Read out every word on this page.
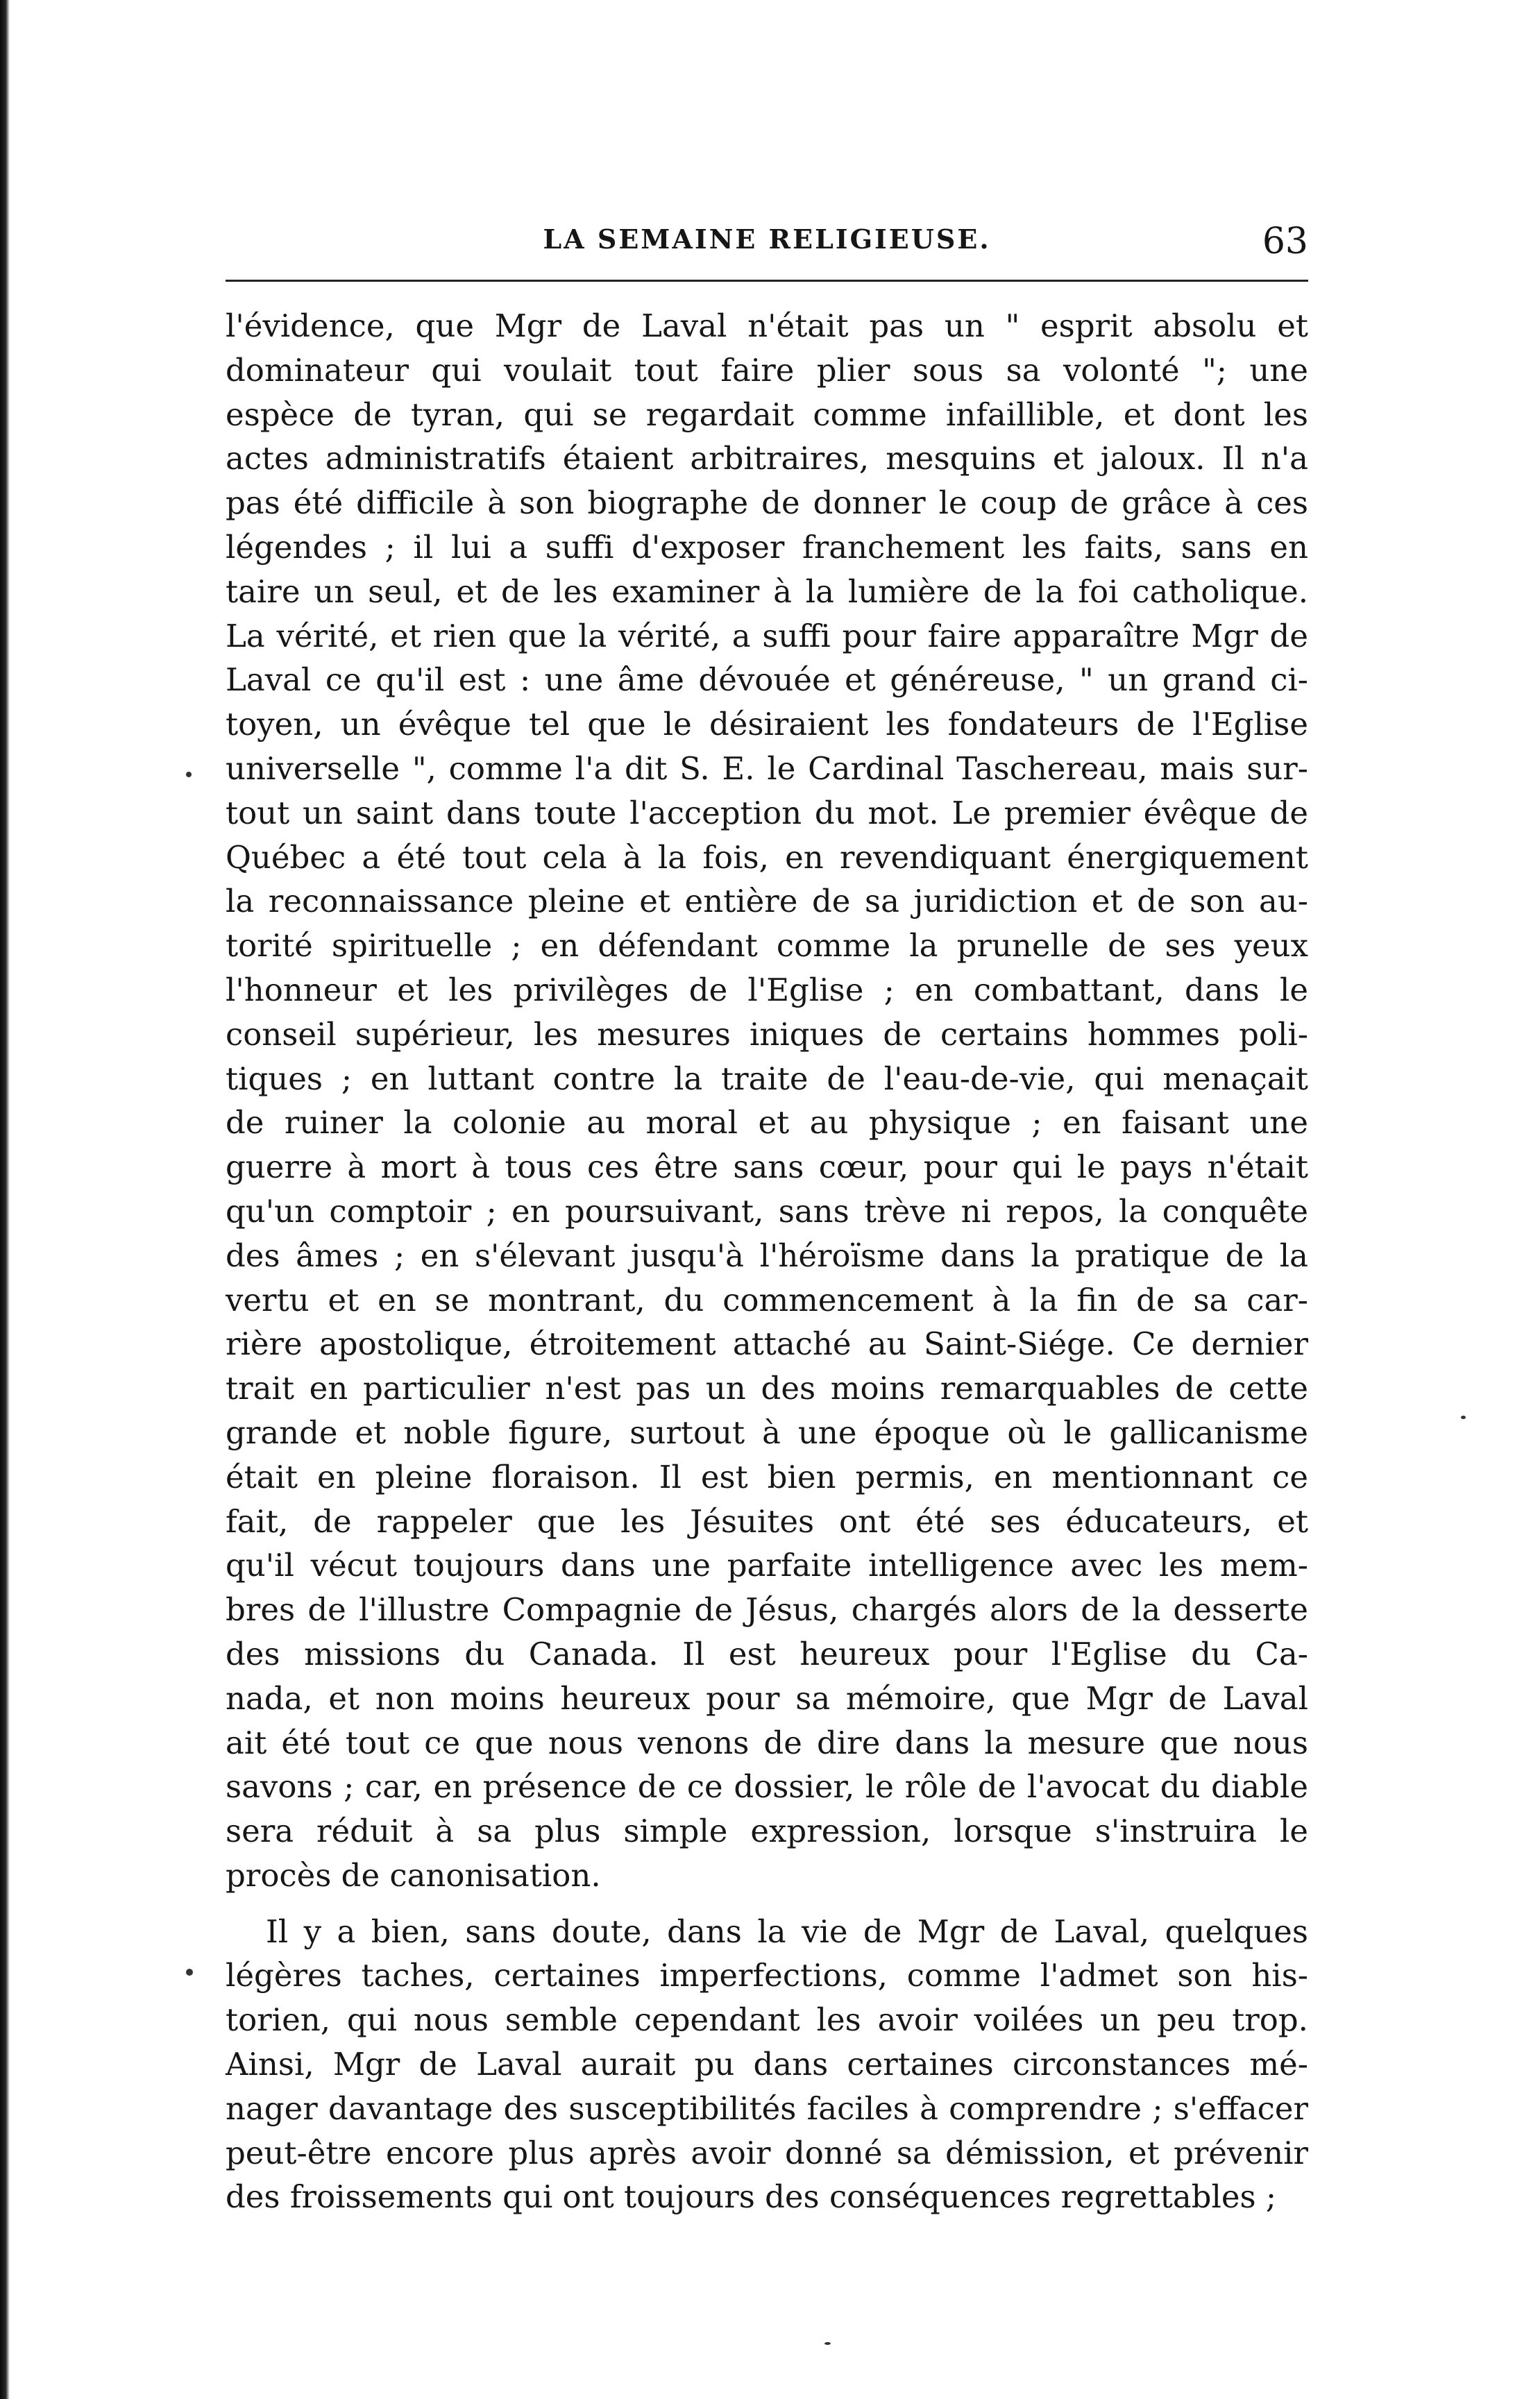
LA SEMAINE RELIGIEUSE.	63
l'évidence, que Mgr de Laval n'était pas un " esprit absolu et
dominateur qui voulait tout faire plier sous sa volonté "; une
espèce de tyran, qui se regardait comme infaillible, et dont les
actes administratifs étaient arbitraires, mesquins et jaloux. Il n'a
pas été difficile à son biographe de donner le coup de grâce à ces
légendes ; il lui a suffi d'exposer franchement les faits, sans en
taire un seul, et de les examiner à la lumière de la foi catholique.
La vérité, et rien que la vérité, a suffi pour faire apparaître Mgr de
Laval ce qu'il est : une âme dévouée et généreuse, " un grand ci-
toyen, un évêque tel que le désiraient les fondateurs de l'Eglise
universelle ", comme l'a dit S. E. le Cardinal Taschereau, mais sur-
tout un saint dans toute l'acception du mot. Le premier évêque de
Québec a été tout cela à la fois, en revendiquant énergiquement
la reconnaissance pleine et entière de sa juridiction et de son au-
torité spirituelle ; en défendant comme la prunelle de ses yeux
l'honneur et les privilèges de l'Eglise ; en combattant, dans le
conseil supérieur, les mesures iniques de certains hommes poli-
tiques ; en luttant contre la traite de l'eau-de-vie, qui menaçait
de ruiner la colonie au moral et au physique ; en faisant une
guerre à mort à tous ces être sans cœur, pour qui le pays n'était
qu'un comptoir ; en poursuivant, sans trève ni repos, la conquête
des âmes ; en s'élevant jusqu'à l'héroïsme dans la pratique de la
vertu et en se montrant, du commencement à la fin de sa car-
rière apostolique, étroitement attaché au Saint-Siége. Ce dernier
trait en particulier n'est pas un des moins remarquables de cette
grande et noble figure, surtout à une époque où le gallicanisme
était en pleine floraison. Il est bien permis, en mentionnant ce
fait, de rappeler que les Jésuites ont été ses éducateurs, et
qu'il vécut toujours dans une parfaite intelligence avec les mem-
bres de l'illustre Compagnie de Jésus, chargés alors de la desserte
des missions du Canada. Il est heureux pour l'Eglise du Ca-
nada, et non moins heureux pour sa mémoire, que Mgr de Laval
ait été tout ce que nous venons de dire dans la mesure que nous
savons ; car, en présence de ce dossier, le rôle de l'avocat du diable
sera réduit à sa plus simple expression, lorsque s'instruira le
procès de canonisation.
Il y a bien, sans doute, dans la vie de Mgr de Laval, quelques
légères taches, certaines imperfections, comme l'admet son his-
torien, qui nous semble cependant les avoir voilées un peu trop.
Ainsi, Mgr de Laval aurait pu dans certaines circonstances mé-
nager davantage des susceptibilités faciles à comprendre ; s'effacer
peut-être encore plus après avoir donné sa démission, et prévenir
des froissements qui ont toujours des conséquences regrettables ;
